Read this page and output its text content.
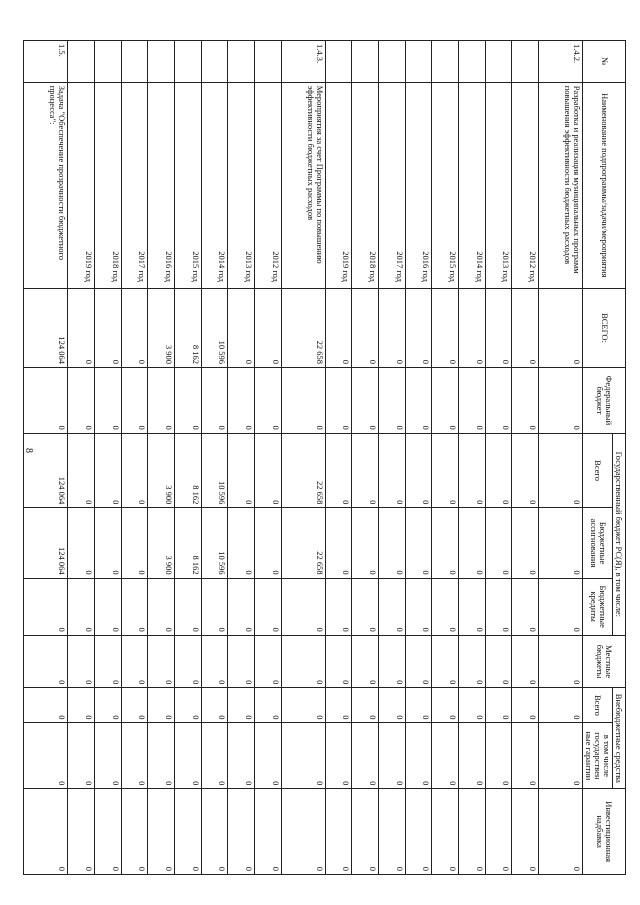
8
№	Наименование подпрограммы/задачи/мероприятия	ВСЕГО:	Федеральный бюджет	Государственный бюджет РС(Я), в том числе:			Местные бюджеты	Внебюджетные средства		Инвестиционная надбавка
				Всего	Бюджетные ассигнования	Бюджетные кредиты		Всего	в том числе государствен ные гарантии	

1.4.2.	Разработка и реализация муниципальных программ повышения эффективности бюджетных расходов	0	0	0	0	0	0	0	0	0
	2012 год	0	0	0	0	0	0	0	0	0
	2013 год	0	0	0	0	0	0	0	0	0
	2014 год	0	0	0	0	0	0	0	0	0
	2015 год	0	0	0	0	0	0	0	0	0
	2016 год	0	0	0	0	0	0	0	0	0
	2017 год	0	0	0	0	0	0	0	0	0
	2018 год	0	0	0	0	0	0	0	0	0
	2019 год	0	0	0	0	0	0	0	0	0
1.4.3.	Мероприятия за счет Программы по повышению эффективности бюджетных расходов	22 658	0	22 658	22 658	0	0	0	0	0
	2012 год	0	0	0	0	0	0	0	0	0
	2013 год	0	0	0	0	0	0	0	0	0
	2014 год	10 596	0	10 596	10 596	0	0	0	0	0
	2015 год	8 162	0	8 162	8 162	0	0	0	0	0
	2016 год	3 900	0	3 900	3 900	0	0	0	0	0
	2017 год	0	0	0	0	0	0	0	0	0
	2018 год	0	0	0	0	0	0	0	0	0
	2019 год	0	0	0	0	0	0	0	0	0
1.5.	Задача "Обеспечение прозрачности бюджетного процесса":	124 064	0	124 064	124 064	0	0	0	0	0
